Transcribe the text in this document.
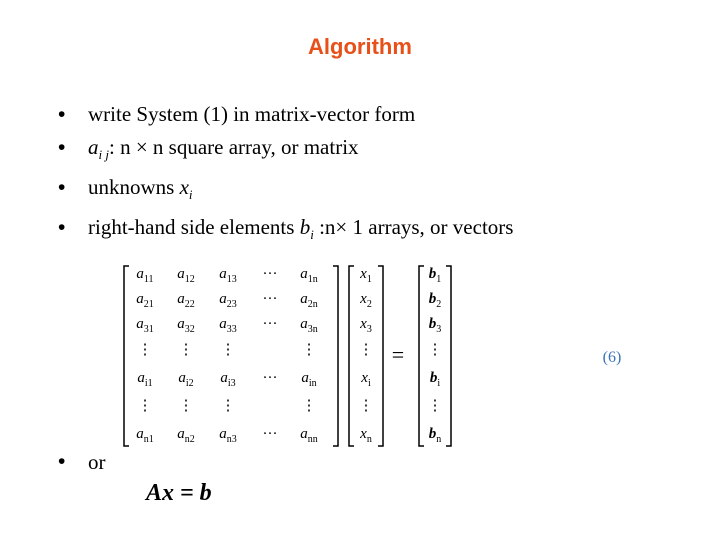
Algorithm
• write System (1) in matrix-vector form
• $a_{i j}$: n × n square array, or matrix
• unknowns $x_i$
• right-hand side elements $b_i$ :n× 1 arrays, or vectors
$a_{11}$ $a_{12}$ $a_{13}$ ··· $a_{1n}$
$a_{21}$ $a_{22}$ $a_{23}$ ··· $a_{2n}$
$a_{31}$ $a_{32}$ $a_{33}$ ··· $a_{3n}$
⋮ ⋮ ⋮	⋮
$a_{i1}$ $a_{i2}$ $a_{i3}$ ··· $a_{in}$
⋮ ⋮ ⋮	⋮
$a_{n1}$ $a_{n2}$ $a_{n3}$ ··· $a_{nn}$
$x_1$
$x_2$
$x_3$
⋮
$x_i$
⋮
$x_n$
$b_1$
$b_2$
$b_3$
⋮
$b_i$
⋮
$b_n$
=	(6)
Ax = b
• or
